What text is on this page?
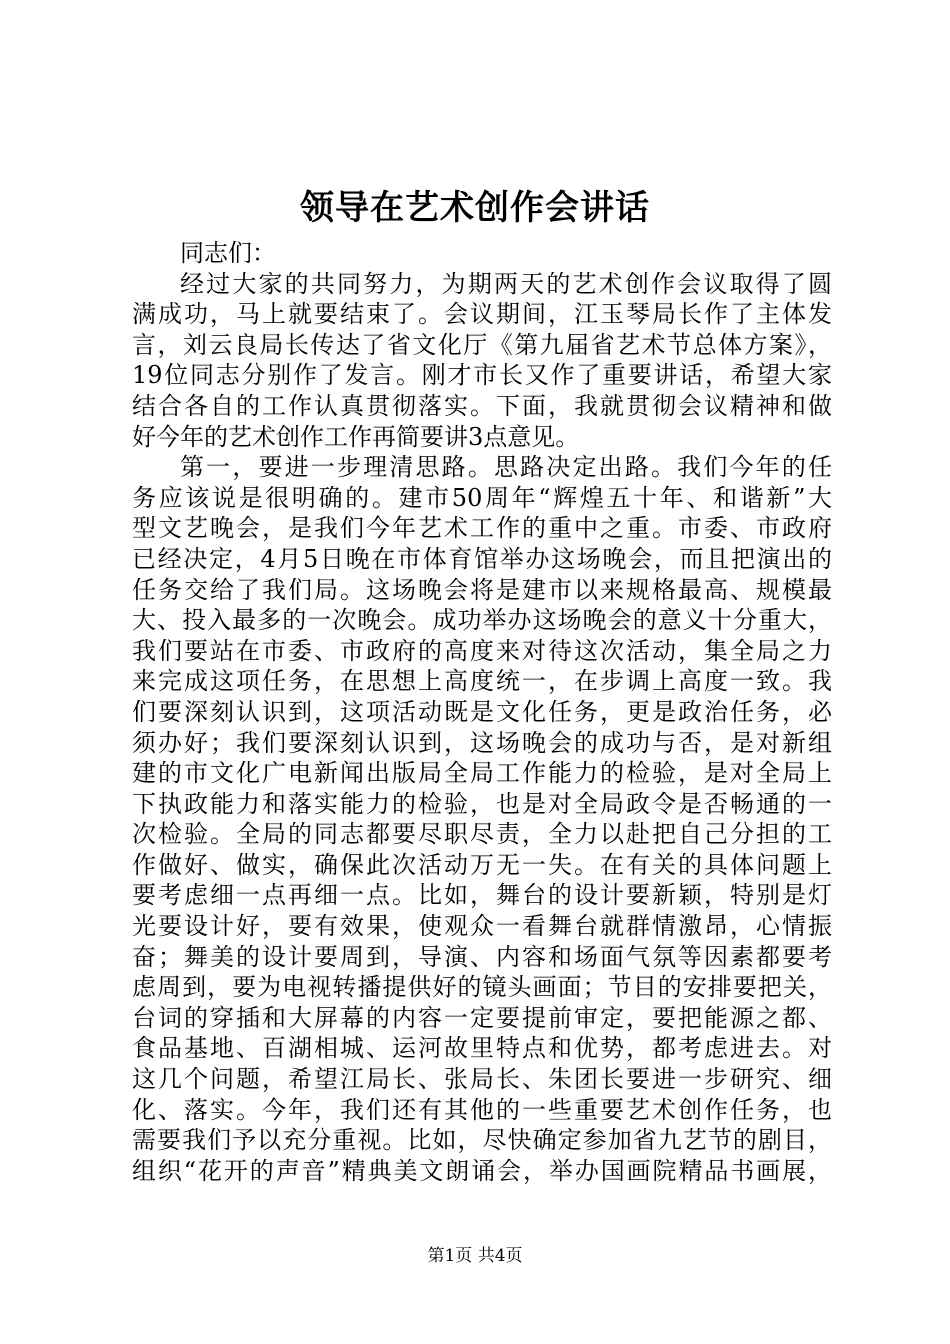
领导在艺术创作会讲话
同志们：
经过大家的共同努力，为期两天的艺术创作会议取得了圆
满成功，马上就要结束了。会议期间，江玉琴局长作了主体发
言，刘云良局长传达了省文化厅《第九届省艺术节总体方案》，
19位同志分别作了发言。刚才市长又作了重要讲话，希望大家
结合各自的工作认真贯彻落实。下面，我就贯彻会议精神和做
好今年的艺术创作工作再简要讲3点意见。
第一，要进一步理清思路。思路决定出路。我们今年的任
务应该说是很明确的。建市50周年“辉煌五十年、和谐新”大
型文艺晚会，是我们今年艺术工作的重中之重。市委、市政府
已经决定，4月5日晚在市体育馆举办这场晚会，而且把演出的
任务交给了我们局。这场晚会将是建市以来规格最高、规模最
大、投入最多的一次晚会。成功举办这场晚会的意义十分重大，
我们要站在市委、市政府的高度来对待这次活动，集全局之力
来完成这项任务，在思想上高度统一，在步调上高度一致。我
们要深刻认识到，这项活动既是文化任务，更是政治任务，必
须办好；我们要深刻认识到，这场晚会的成功与否，是对新组
建的市文化广电新闻出版局全局工作能力的检验，是对全局上
下执政能力和落实能力的检验，也是对全局政令是否畅通的一
次检验。全局的同志都要尽职尽责，全力以赴把自己分担的工
作做好、做实，确保此次活动万无一失。在有关的具体问题上
要考虑细一点再细一点。比如，舞台的设计要新颖，特别是灯
光要设计好，要有效果，使观众一看舞台就群情激昂，心情振
奋；舞美的设计要周到，导演、内容和场面气氛等因素都要考
虑周到，要为电视转播提供好的镜头画面；节目的安排要把关，
台词的穿插和大屏幕的内容一定要提前审定，要把能源之都、
食品基地、百湖相城、运河故里特点和优势，都考虑进去。对
这几个问题，希望江局长、张局长、朱团长要进一步研究、细
化、落实。今年，我们还有其他的一些重要艺术创作任务，也
需要我们予以充分重视。比如，尽快确定参加省九艺节的剧目，
组织“花开的声音”精典美文朗诵会，举办国画院精品书画展，
第1页 共4页
